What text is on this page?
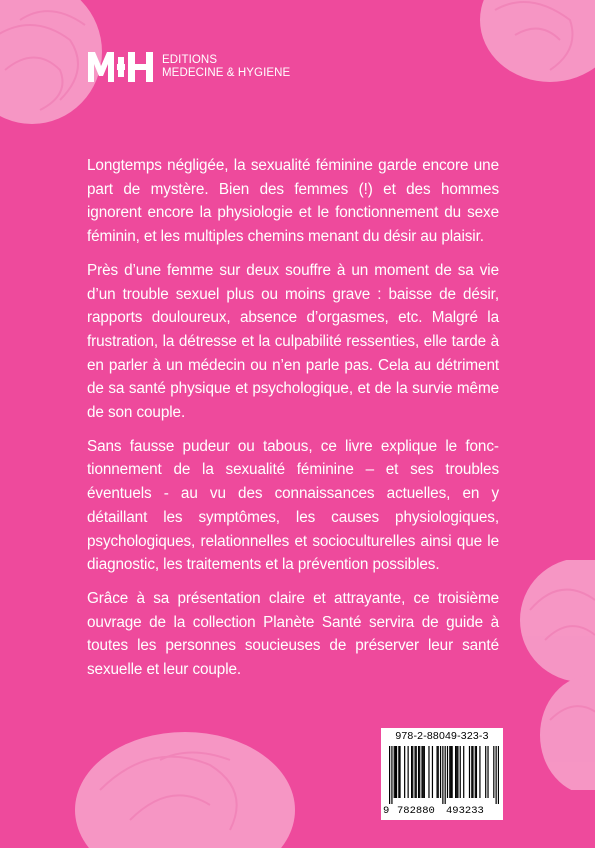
EDITIONS
MEDECINE & HYGIENE

Longtemps négligée, la sexualité féminine garde encore une part de mystère. Bien des femmes (!) et des hommes ignorent encore la physiologie et le fonctionnement du sexe féminin, et les multiples chemins menant du désir au plaisir.

Près d’une femme sur deux souffre à un moment de sa vie d’un trouble sexuel plus ou moins grave : baisse de désir, rapports douloureux, absence d’orgasmes, etc. Malgré la frustration, la détresse et la culpabilité ressenties, elle tarde à en parler à un médecin ou n’en parle pas. Cela au détriment de sa santé physique et psychologique, et de la survie même de son couple.

Sans fausse pudeur ou tabous, ce livre explique le fonctionnement de la sexualité féminine – et ses troubles éventuels - au vu des connaissances actuelles, en y détaillant les symptômes, les causes physiologiques, psychologiques, relationnelles et socioculturelles ainsi que le diagnostic, les traitements et la prévention possibles.

Grâce à sa présentation claire et attrayante, ce troisième ouvrage de la collection Planète Santé servira de guide à toutes les personnes soucieuses de préserver leur santé sexuelle et leur couple.

978-2-88049-323-3
9 782880 493233
